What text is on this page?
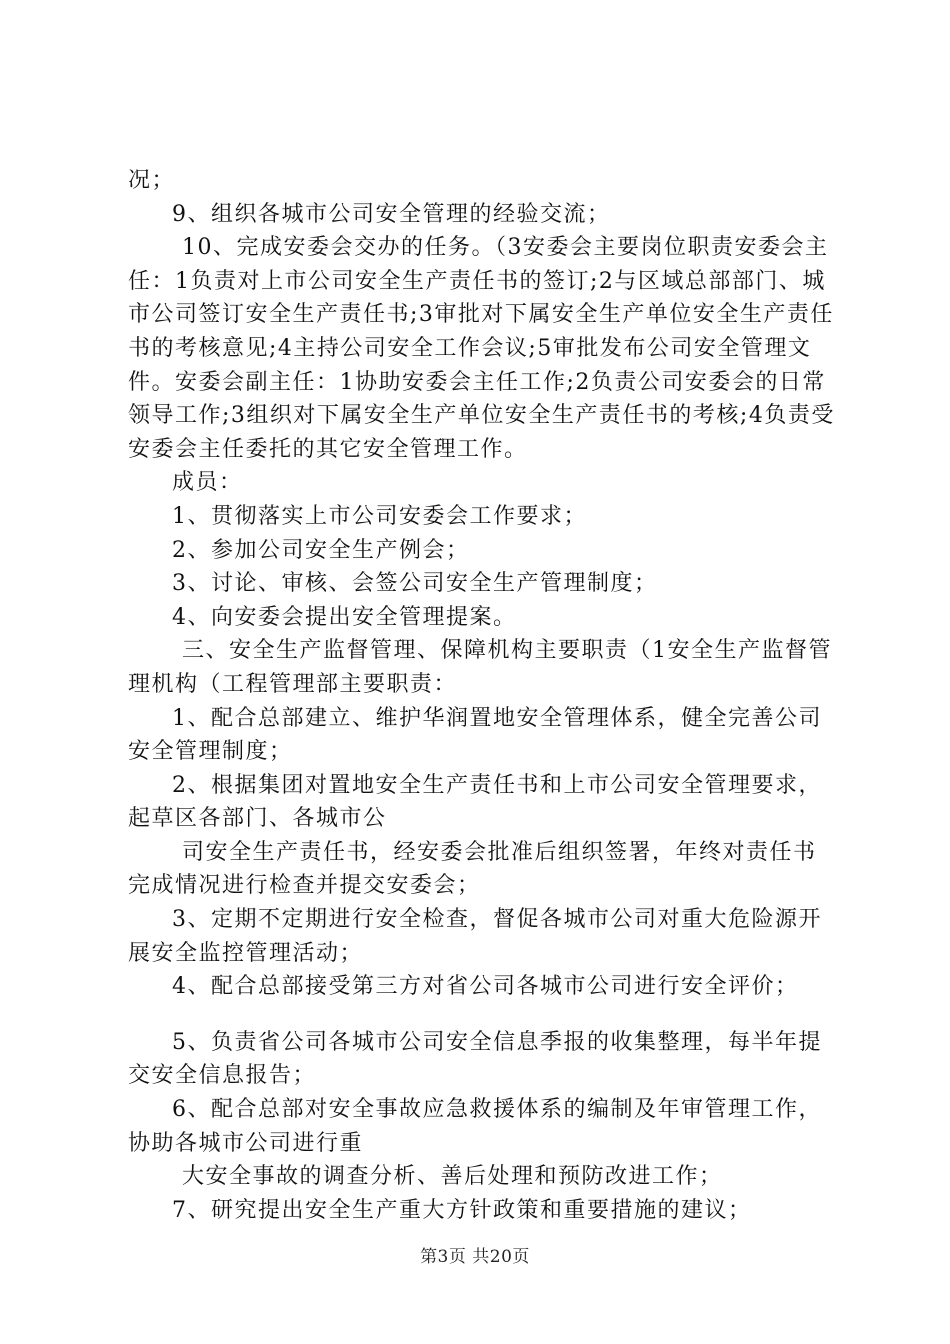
况；

9、组织各城市公司安全管理的经验交流；

10、完成安委会交办的任务。（3安委会主要岗位职责安委会主任：1负责对上市公司安全生产责任书的签订;2与区域总部部门、城市公司签订安全生产责任书;3审批对下属安全生产单位安全生产责任书的考核意见;4主持公司安全工作会议;5审批发布公司安全管理文件。安委会副主任：1协助安委会主任工作;2负责公司安委会的日常领导工作;3组织对下属安全生产单位安全生产责任书的考核;4负责受安委会主任委托的其它安全管理工作。

成员：

1、贯彻落实上市公司安委会工作要求；

2、参加公司安全生产例会；

3、讨论、审核、会签公司安全生产管理制度；

4、向安委会提出安全管理提案。

三、安全生产监督管理、保障机构主要职责（1安全生产监督管理机构（工程管理部主要职责：

1、配合总部建立、维护华润置地安全管理体系，健全完善公司安全管理制度；

2、根据集团对置地安全生产责任书和上市公司安全管理要求，起草区各部门、各城市公

司安全生产责任书，经安委会批准后组织签署，年终对责任书完成情况进行检查并提交安委会；

3、定期不定期进行安全检查，督促各城市公司对重大危险源开展安全监控管理活动；

4、配合总部接受第三方对省公司各城市公司进行安全评价；

5、负责省公司各城市公司安全信息季报的收集整理，每半年提交安全信息报告；

6、配合总部对安全事故应急救援体系的编制及年审管理工作，协助各城市公司进行重

大安全事故的调查分析、善后处理和预防改进工作；

7、研究提出安全生产重大方针政策和重要措施的建议；

第3页 共20页
